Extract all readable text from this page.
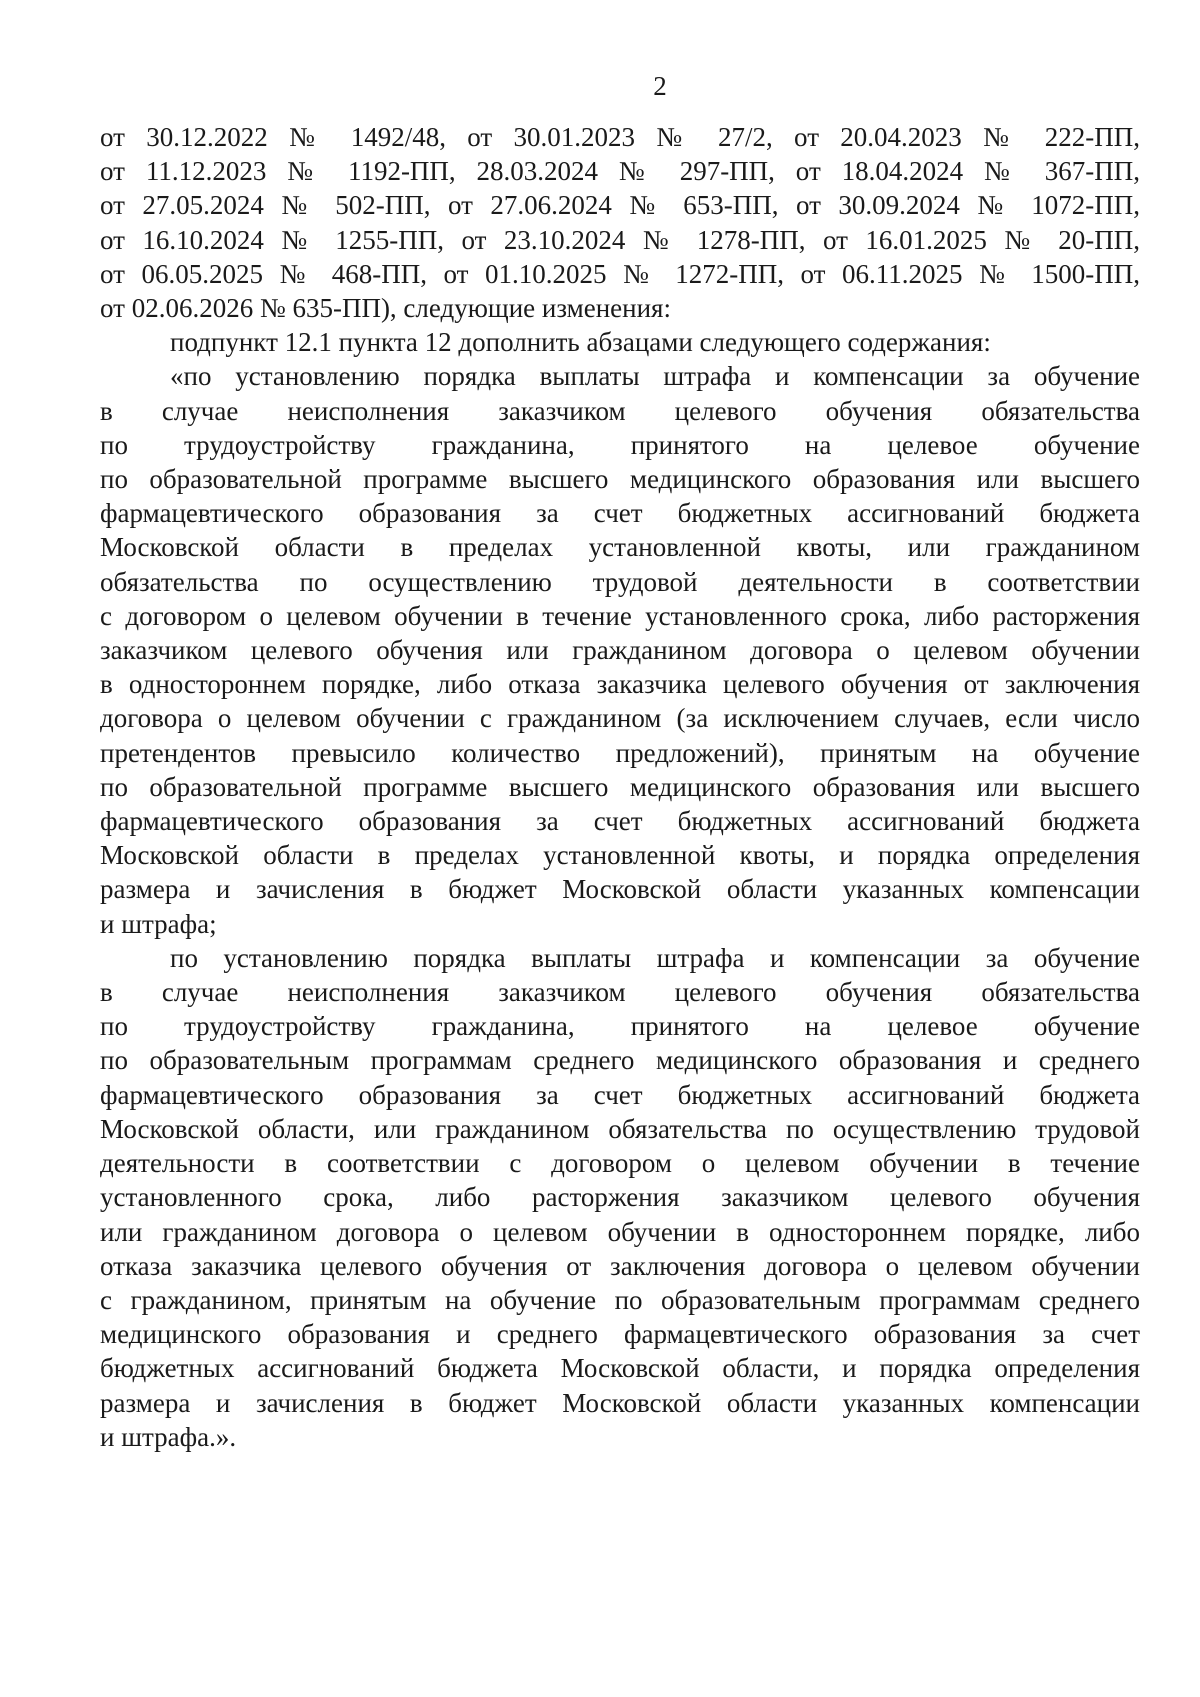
2
от 30.12.2022 № 1492/48, от 30.01.2023 № 27/2, от 20.04.2023 № 222-ПП,
от 11.12.2023 № 1192-ПП, 28.03.2024 № 297-ПП, от 18.04.2024 № 367-ПП,
от 27.05.2024 № 502-ПП, от 27.06.2024 № 653-ПП, от 30.09.2024 № 1072-ПП,
от 16.10.2024 № 1255-ПП, от 23.10.2024 № 1278-ПП, от 16.01.2025 № 20-ПП,
от 06.05.2025 № 468-ПП, от 01.10.2025 № 1272-ПП, от 06.11.2025 № 1500-ПП,
от 02.06.2026 № 635-ПП), следующие изменения:
подпункт 12.1 пункта 12 дополнить абзацами следующего содержания:
«по установлению порядка выплаты штрафа и компенсации за обучение
в случае неисполнения заказчиком целевого обучения обязательства
по трудоустройству гражданина, принятого на целевое обучение
по образовательной программе высшего медицинского образования или высшего
фармацевтического образования за счет бюджетных ассигнований бюджета
Московской области в пределах установленной квоты, или гражданином
обязательства по осуществлению трудовой деятельности в соответствии
с договором о целевом обучении в течение установленного срока, либо расторжения
заказчиком целевого обучения или гражданином договора о целевом обучении
в одностороннем порядке, либо отказа заказчика целевого обучения от заключения
договора о целевом обучении с гражданином (за исключением случаев, если число
претендентов превысило количество предложений), принятым на обучение
по образовательной программе высшего медицинского образования или высшего
фармацевтического образования за счет бюджетных ассигнований бюджета
Московской области в пределах установленной квоты, и порядка определения
размера и зачисления в бюджет Московской области указанных компенсации
и штрафа;
по установлению порядка выплаты штрафа и компенсации за обучение
в случае неисполнения заказчиком целевого обучения обязательства
по трудоустройству гражданина, принятого на целевое обучение
по образовательным программам среднего медицинского образования и среднего
фармацевтического образования за счет бюджетных ассигнований бюджета
Московской области, или гражданином обязательства по осуществлению трудовой
деятельности в соответствии с договором о целевом обучении в течение
установленного срока, либо расторжения заказчиком целевого обучения
или гражданином договора о целевом обучении в одностороннем порядке, либо
отказа заказчика целевого обучения от заключения договора о целевом обучении
с гражданином, принятым на обучение по образовательным программам среднего
медицинского образования и среднего фармацевтического образования за счет
бюджетных ассигнований бюджета Московской области, и порядка определения
размера и зачисления в бюджет Московской области указанных компенсации
и штрафа.».
